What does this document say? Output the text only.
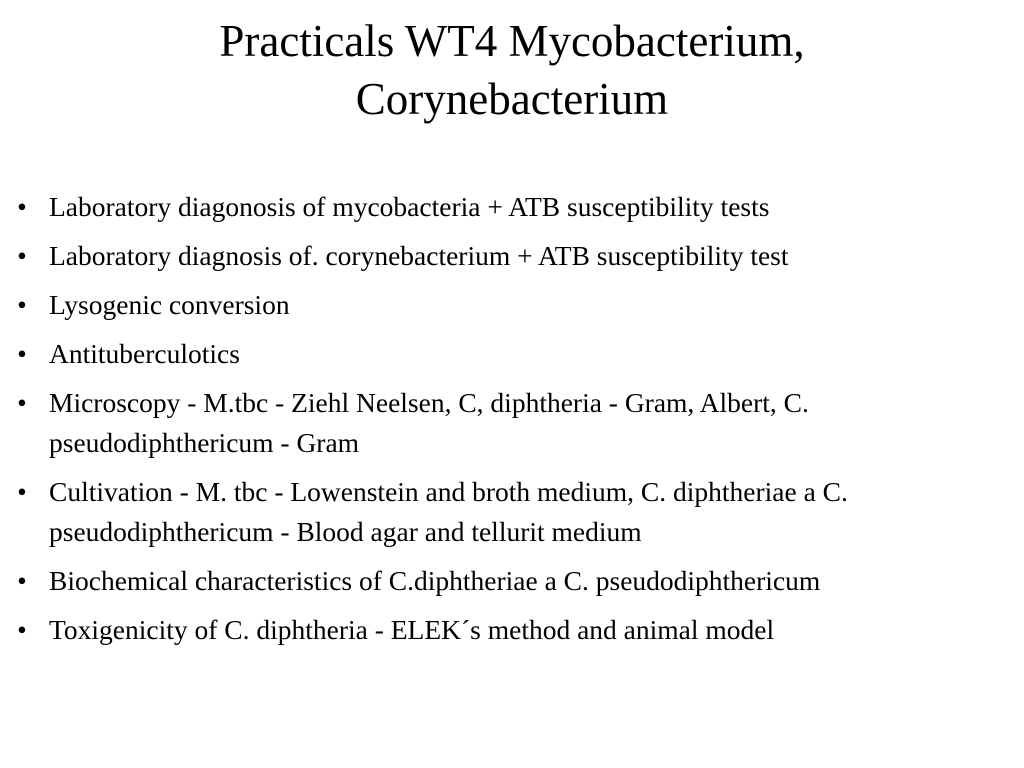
Practicals WT4 Mycobacterium,
Corynebacterium
• Laboratory diagonosis of mycobacteria + ATB susceptibility tests
• Laboratory diagnosis of. corynebacterium + ATB susceptibility test
• Lysogenic conversion
• Antituberculotics
• Microscopy - M.tbc - Ziehl Neelsen, C, diphtheria - Gram, Albert, C. pseudodiphthericum - Gram
• Cultivation - M. tbc - Lowenstein and broth medium, C. diphtheriae a C. pseudodiphthericum - Blood agar and tellurit medium
• Biochemical characteristics of C.diphtheriae a C. pseudodiphthericum
• Toxigenicity of C. diphtheria - ELEK´s method and animal model
